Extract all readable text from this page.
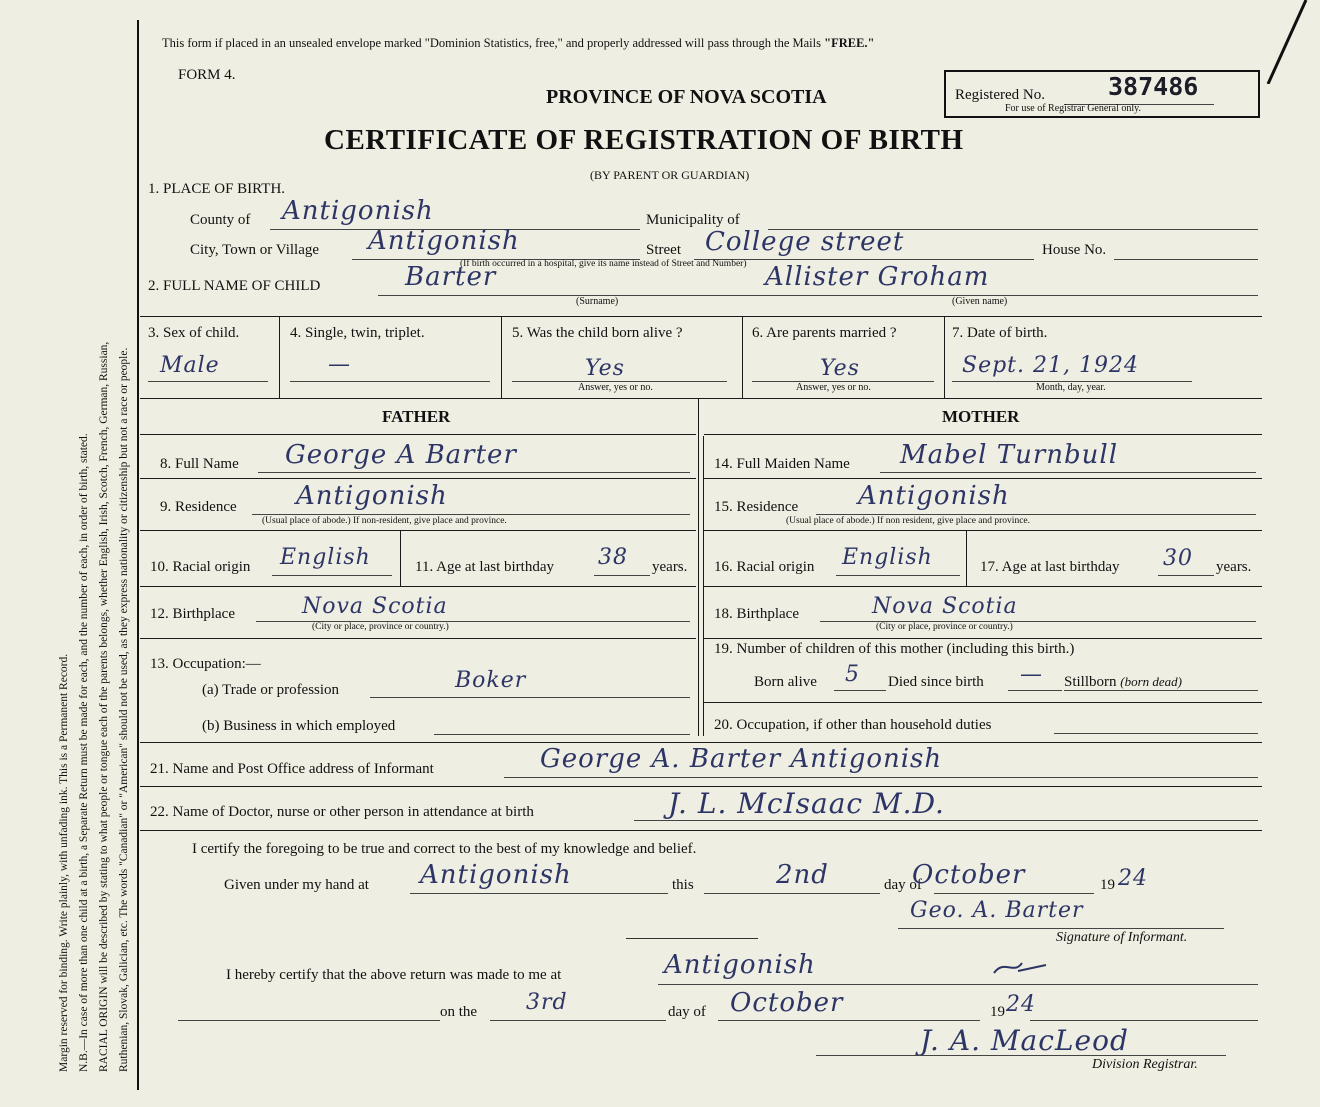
Margin reserved for binding. Write plainly, with unfading ink. This is a Permanent Record. N.B.—In case of more than one child at a birth, a Separate Return must be made for each, and the number of each, in order of birth, stated. RACIAL ORIGIN will be described by stating to what people or tongue each of the parents belongs, whether English, Irish, Scotch, French, German, Russian, Ruthenian, Slovak, Galician, etc. The words "Canadian" or "American" should not be used, as they express nationality or citizenship but not a race or people.
This form if placed in an unsealed envelope marked "Dominion Statistics, free," and properly addressed will pass through the Mails "FREE."
FORM 4.
PROVINCE OF NOVA SCOTIA
CERTIFICATE OF REGISTRATION OF BIRTH
(BY PARENT OR GUARDIAN)
Registered No.	387486
For use of Registrar General only.
1. PLACE OF BIRTH.
County of Antigonish	Municipality of
City, Town or Village Antigonish	Street College street	House No.
(If birth occurred in a hospital, give its name instead of Street and Number)
2. FULL NAME OF CHILD	Barter	Allister Groham
(Surname)	(Given name)
3. Sex of child.
Male
4. Single, twin, triplet.
—
5. Was the child born alive ?
Yes
Answer, yes or no.
6. Are parents married ?
Yes
Answer, yes or no.
7. Date of birth.
Sept. 21, 1924
Month, day, year.
FATHER	MOTHER
8. Full Name George A Barter
9. Residence Antigonish
(Usual place of abode.) If non-resident, give place and province.
10. Racial origin English	11. Age at last birthday 38 years.
12. Birthplace	Nova Scotia
(City or place, province or country.)
13. Occupation:—
(a) Trade or profession	Boker
(b) Business in which employed
14. Full Maiden Name Mabel Turnbull
15. Residence Antigonish
(Usual place of abode.) If non resident, give place and province.
16. Racial origin English	17. Age at last birthday 30 years.
18. Birthplace	Nova Scotia
(City or place, province or country.)
19. Number of children of this mother (including this birth.)
Born alive 5 Died since birth — Stillborn (born dead)
20. Occupation, if other than household duties
21. Name and Post Office address of Informant	George A. Barter Antigonish
22. Name of Doctor, nurse or other person in attendance at birth	J. L. McIsaac M.D.
I certify the foregoing to be true and correct to the best of my knowledge and belief.
Given under my hand at Antigonish	this	2nd	day of
October	19 24
Geo. A. Barter
Signature of Informant.
I hereby certify that the above return was made to me at	Antigonish
on the 3rd	day of October	19 24
J. A. MacLeod
Division Registrar.
